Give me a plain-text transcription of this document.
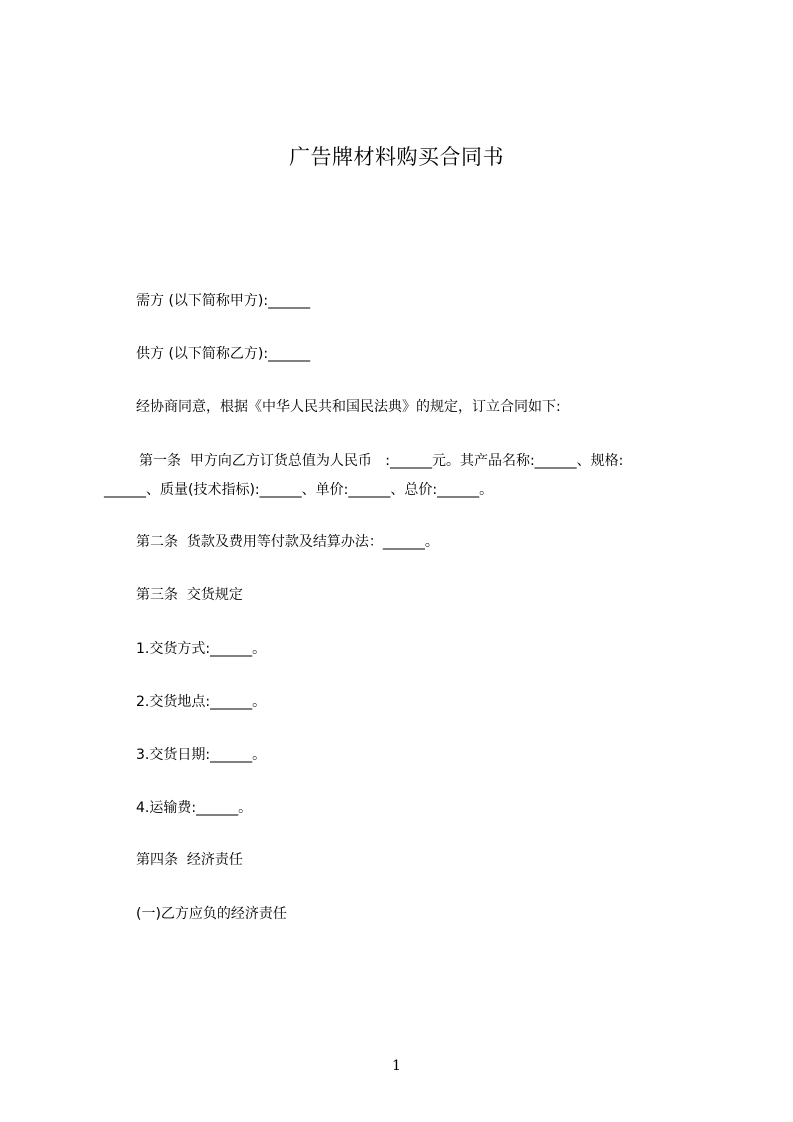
广告牌材料购买合同书
需方 (以下简称甲方):______
供方 (以下简称乙方):______
经协商同意，根据《中华人民共和国民法典》的规定，订立合同如下:
第一条  甲方向乙方订货总值为人民币   :______元。其产品名称:______、规格:
______、质量(技术指标):______、单价:______、总价:______。
第二条  货款及费用等付款及结算办法：______。
第三条  交货规定
1.交货方式:______。
2.交货地点:______。
3.交货日期:______。
4.运输费:______。
第四条  经济责任
(一)乙方应负的经济责任
1
